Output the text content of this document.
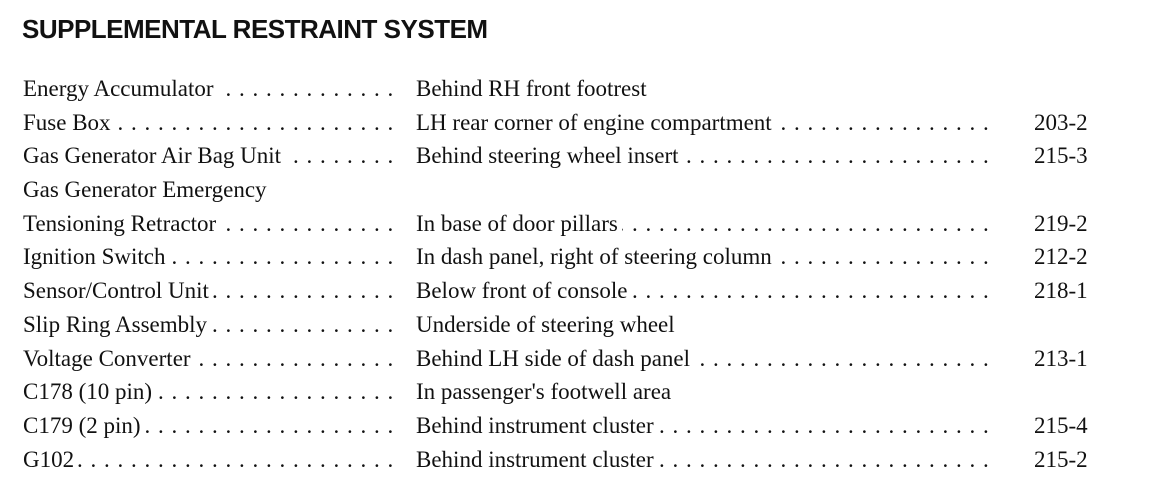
SUPPLEMENTAL RESTRAINT SYSTEM
Energy Accumulator . . .	Behind RH front footrest
Fuse Box . . .	LH rear corner of engine compartment . . .	203-2
Gas Generator Air Bag Unit . . .	Behind steering wheel insert . . .	215-3
Gas Generator Emergency
Tensioning Retractor . . .	In base of door pillars . . .	219-2
Ignition Switch . . .	In dash panel, right of steering column . . .	212-2
Sensor/Control Unit . . .	Below front of console . . .	218-1
Slip Ring Assembly . . .	Underside of steering wheel
Voltage Converter . . .	Behind LH side of dash panel . . .	213-1
C178 (10 pin) . . .	In passenger's footwell area
C179 (2 pin) . . .	Behind instrument cluster . . .	215-4
G102 . . .	Behind instrument cluster . . .	215-2
